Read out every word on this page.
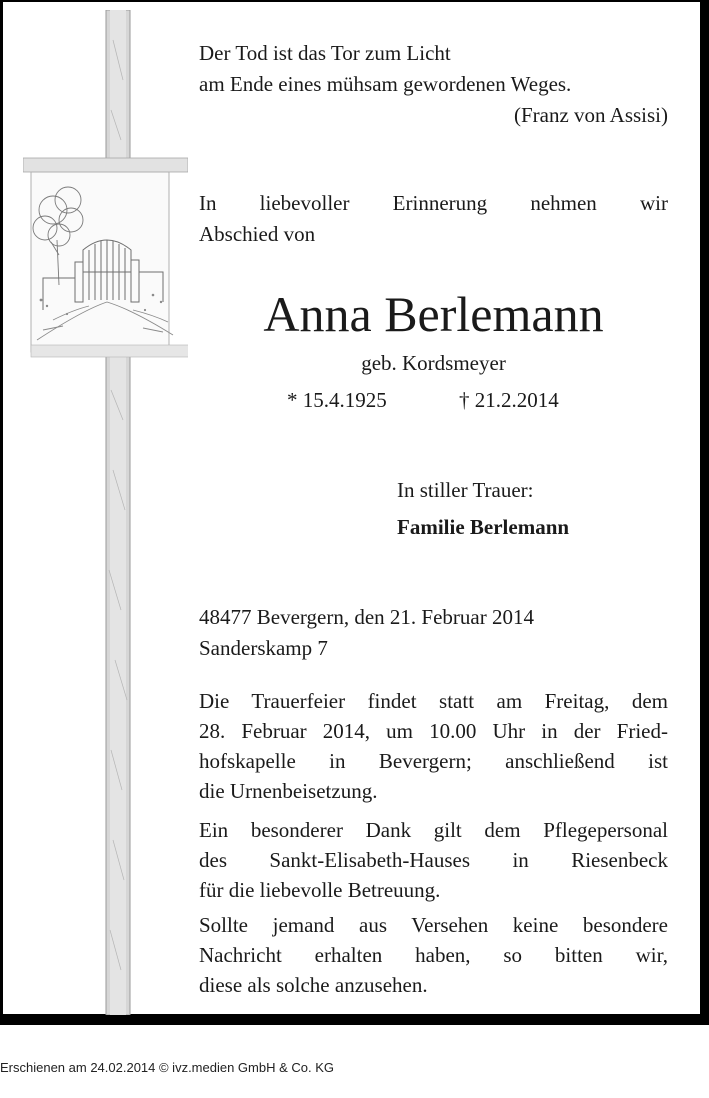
Der Tod ist das Tor zum Licht

am Ende eines mühsam gewordenen Weges.

(Franz von Assisi)

In liebevoller Erinnerung nehmen wir

Abschied von

Anna Berlemann

geb. Kordsmeyer

* 15.4.1925	† 21.2.2014

In stiller Trauer:

Familie Berlemann

48477 Bevergern, den 21. Februar 2014

Sanderskamp 7

Die Trauerfeier findet statt am Freitag, dem

28. Februar 2014, um 10.00 Uhr in der Fried-

hofskapelle in Bevergern; anschließend ist

die Urnenbeisetzung.

Ein besonderer Dank gilt dem Pflegepersonal

des Sankt-Elisabeth-Hauses in Riesenbeck

für die liebevolle Betreuung.

Sollte jemand aus Versehen keine besondere

Nachricht erhalten haben, so bitten wir,

diese als solche anzusehen.

Erschienen am 24.02.2014 © ivz.medien GmbH & Co. KG
